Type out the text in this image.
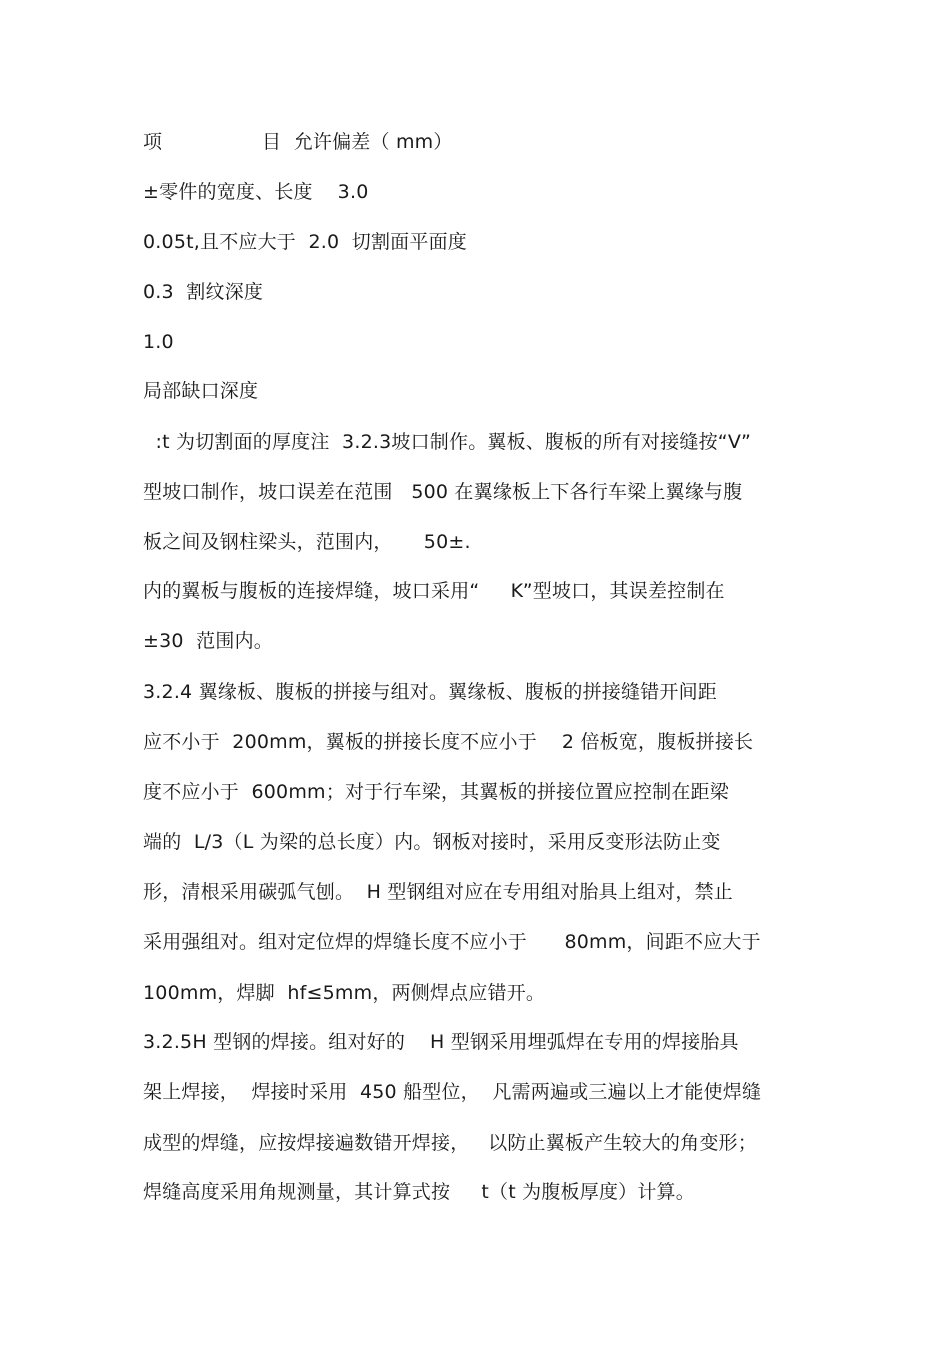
项                目  允许偏差（ mm）
±零件的宽度、长度    3.0
0.05t,且不应大于  2.0  切割面平面度
0.3  割纹深度
1.0
局部缺口深度
:t 为切割面的厚度注  3.2.3坡口制作。翼板、腹板的所有对接缝按“V”
型坡口制作，坡口误差在范围   500 在翼缘板上下各行车梁上翼缘与腹
板之间及钢柱梁头，范围内，     50±.
内的翼板与腹板的连接焊缝，坡口采用“     K”型坡口，其误差控制在
±30  范围内。
3.2.4 翼缘板、腹板的拼接与组对。翼缘板、腹板的拼接缝错开间距
应不小于  200mm，翼板的拼接长度不应小于    2 倍板宽，腹板拼接长
度不应小于  600mm；对于行车梁，其翼板的拼接位置应控制在距梁
端的  L/3（L 为梁的总长度）内。钢板对接时，采用反变形法防止变
形，清根采用碳弧气刨。  H 型钢组对应在专用组对胎具上组对，禁止
采用强组对。组对定位焊的焊缝长度不应小于      80mm，间距不应大于
100mm，焊脚  hf≤5mm，两侧焊点应错开。
3.2.5H 型钢的焊接。组对好的    H 型钢采用埋弧焊在专用的焊接胎具
架上焊接，  焊接时采用  450 船型位，  凡需两遍或三遍以上才能使焊缝
成型的焊缝，应按焊接遍数错开焊接，   以防止翼板产生较大的角变形；
焊缝高度采用角规测量，其计算式按     t（t 为腹板厚度）计算。
